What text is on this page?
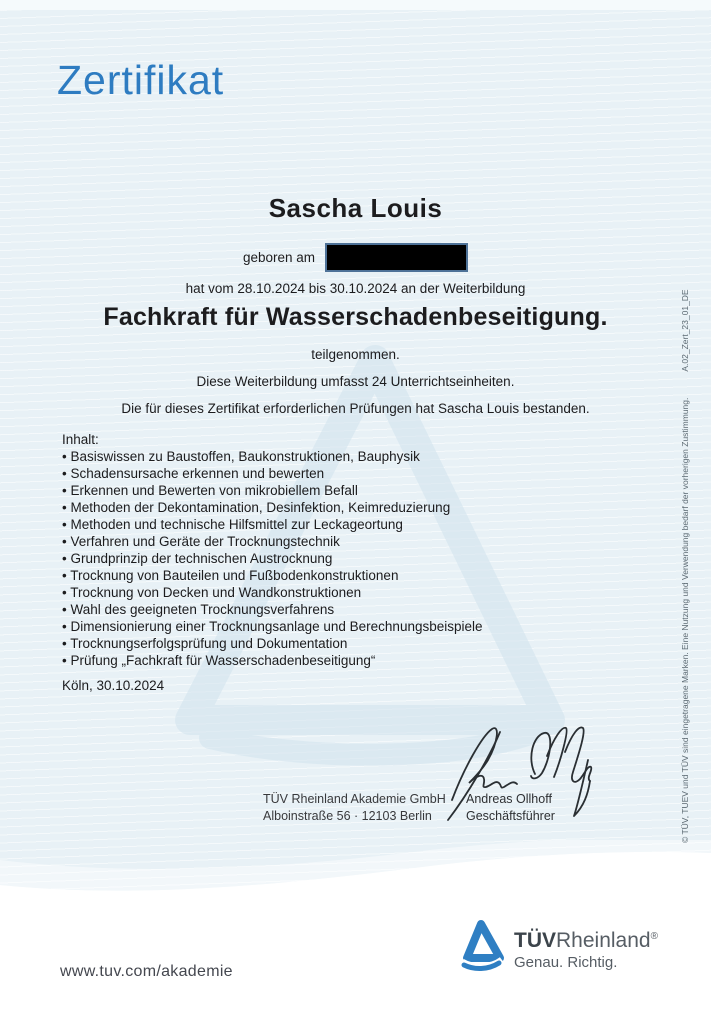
Zertifikat
Sascha Louis
geboren am
hat vom 28.10.2024 bis 30.10.2024 an der Weiterbildung
Fachkraft für Wasserschadenbeseitigung.
teilgenommen.
Diese Weiterbildung umfasst 24 Unterrichtseinheiten.
Die für dieses Zertifikat erforderlichen Prüfungen hat Sascha Louis bestanden.
Inhalt:
• Basiswissen zu Baustoffen, Baukonstruktionen, Bauphysik
• Schadensursache erkennen und bewerten
• Erkennen und Bewerten von mikrobiellem Befall
• Methoden der Dekontamination, Desinfektion, Keimreduzierung
• Methoden und technische Hilfsmittel zur Leckageortung
• Verfahren und Geräte der Trocknungstechnik
• Grundprinzip der technischen Austrocknung
• Trocknung von Bauteilen und Fußbodenkonstruktionen
• Trocknung von Decken und Wandkonstruktionen
• Wahl des geeigneten Trocknungsverfahrens
• Dimensionierung einer Trocknungsanlage und Berechnungsbeispiele
• Trocknungserfolgsprüfung und Dokumentation
• Prüfung „Fachkraft für Wasserschadenbeseitigung“
Köln, 30.10.2024
TÜV Rheinland Akademie GmbH
Alboinstraße 56 · 12103 Berlin
Andreas Ollhoff
Geschäftsführer	© TÜV, TUEV und TÜV sind eingetragene Marken. Eine Nutzung und Verwendung bedarf der vorherigen Zustimmung.A.02_Zert_23_01_DE
www.tuv.com/akademie
TÜVRheinland®
Genau. Richtig.
